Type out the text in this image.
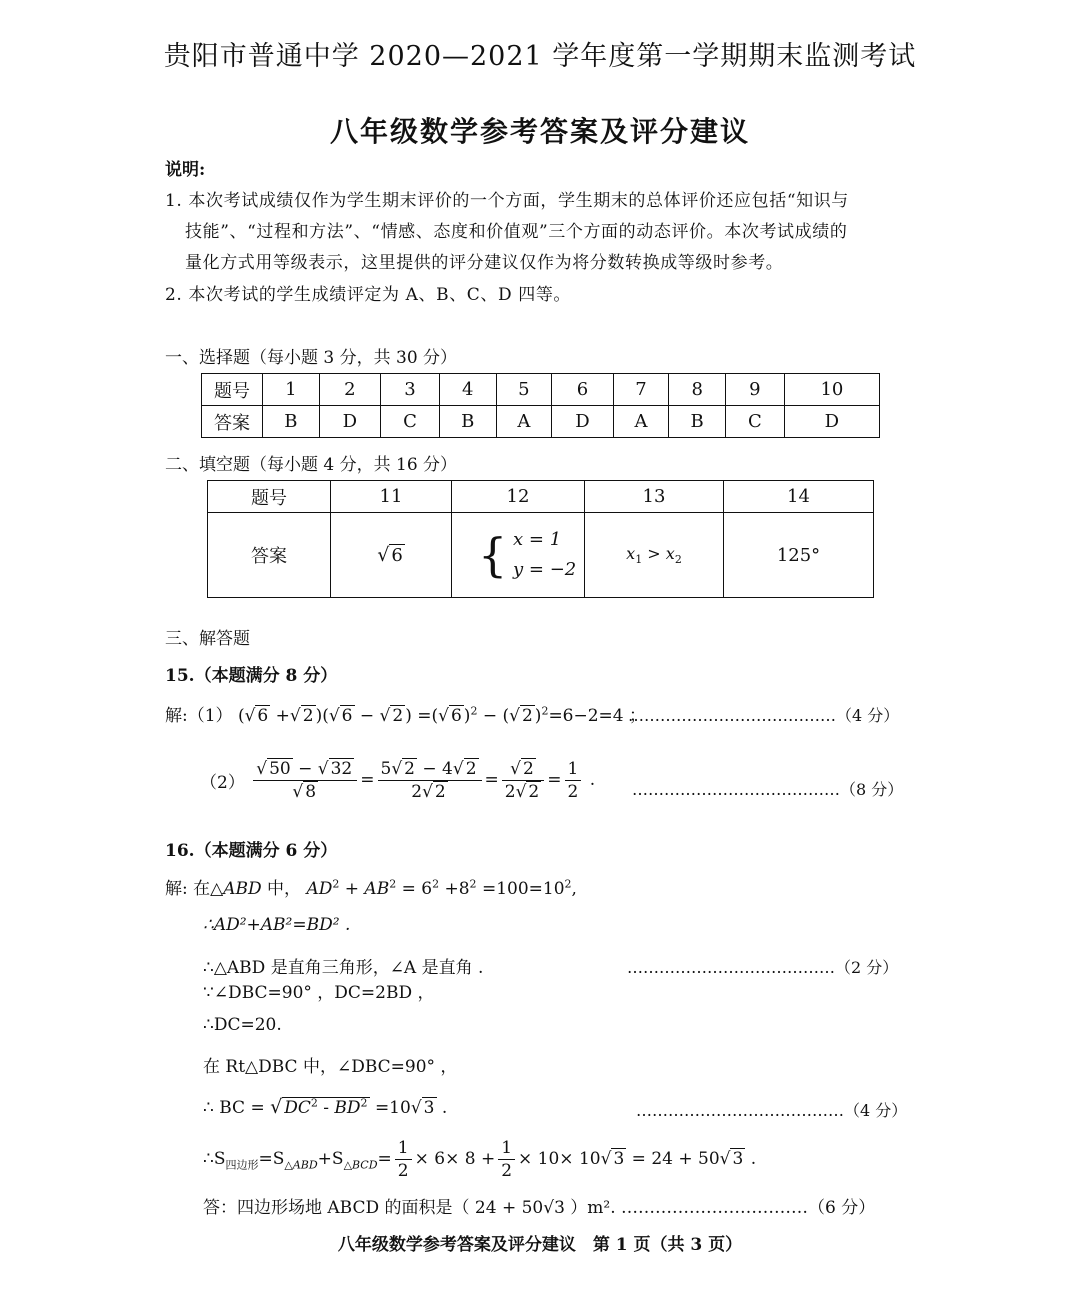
贵阳市普通中学 2020—2021 学年度第一学期期末监测考试
八年级数学参考答案及评分建议
说明:
1. 本次考试成绩仅作为学生期末评价的一个方面，学生期末的总体评价还应包括“知识与
技能”、“过程和方法”、“情感、态度和价值观”三个方面的动态评价。本次考试成绩的
量化方式用等级表示，这里提供的评分建议仅作为将分数转换成等级时参考。
2. 本次考试的学生成绩评定为 A、B、C、D 四等。
一、选择题（每小题 3 分，共 30 分）
题号	1	2	3	4	5	6	7	8	9	10
答案	B	D	C	B	A	D	A	B	C	D
二、填空题（每小题 4 分，共 16 分）
题号	11	12	13	14
答案	√ 6	{ x = 1
y = −2	$x_1 > x_2$	125°
三、解答题
15.（本题满分 8 分）
解:（1） (√ 6 +√ 2 )(√ 6 − √ 2 ) =(√ 6 )$^2$ − (√ 2 )$^2$=6−2=4 ；
…………………………………（4 分）
$(2) \frac{√ 50 - √ 32}{√ 8} = \frac{5√ 2 - 4√ 2}{2√ 2} = \frac{√ 2}{2√ 2} = \frac{1}{2}$ . …………………………………（8 分）
16.（本题满分 6 分）
解: 在△ABD 中， $AD^2 + AB^2 = 6^2 +8^2 =100=10^2$,
∴AD²+AB²=BD² .
∴△ABD 是直角三角形，∠A 是直角 .	…………………………………（2 分）
∵∠DBC=90° ，DC=2BD ，
∴DC=20.
在 Rt△DBC 中，∠DBC=90° ，
∴ BC = √ $DC^2 - BD^2 =10√$ 3 .	…………………………………（4 分）
$\therefore S_{四边形}=S_{\triangle ABD}+S_{\triangle BCD}= \frac{1}{2} \times 6\times 8 + \frac{1}{2} \times 10\times 10√$ 3 = 24 + 50√ 3 .
答：四边形场地 ABCD 的面积是（ 24 + 50√3 ）m². ……………………………（6 分）
八年级数学参考答案及评分建议　第 1 页（共 3 页）
